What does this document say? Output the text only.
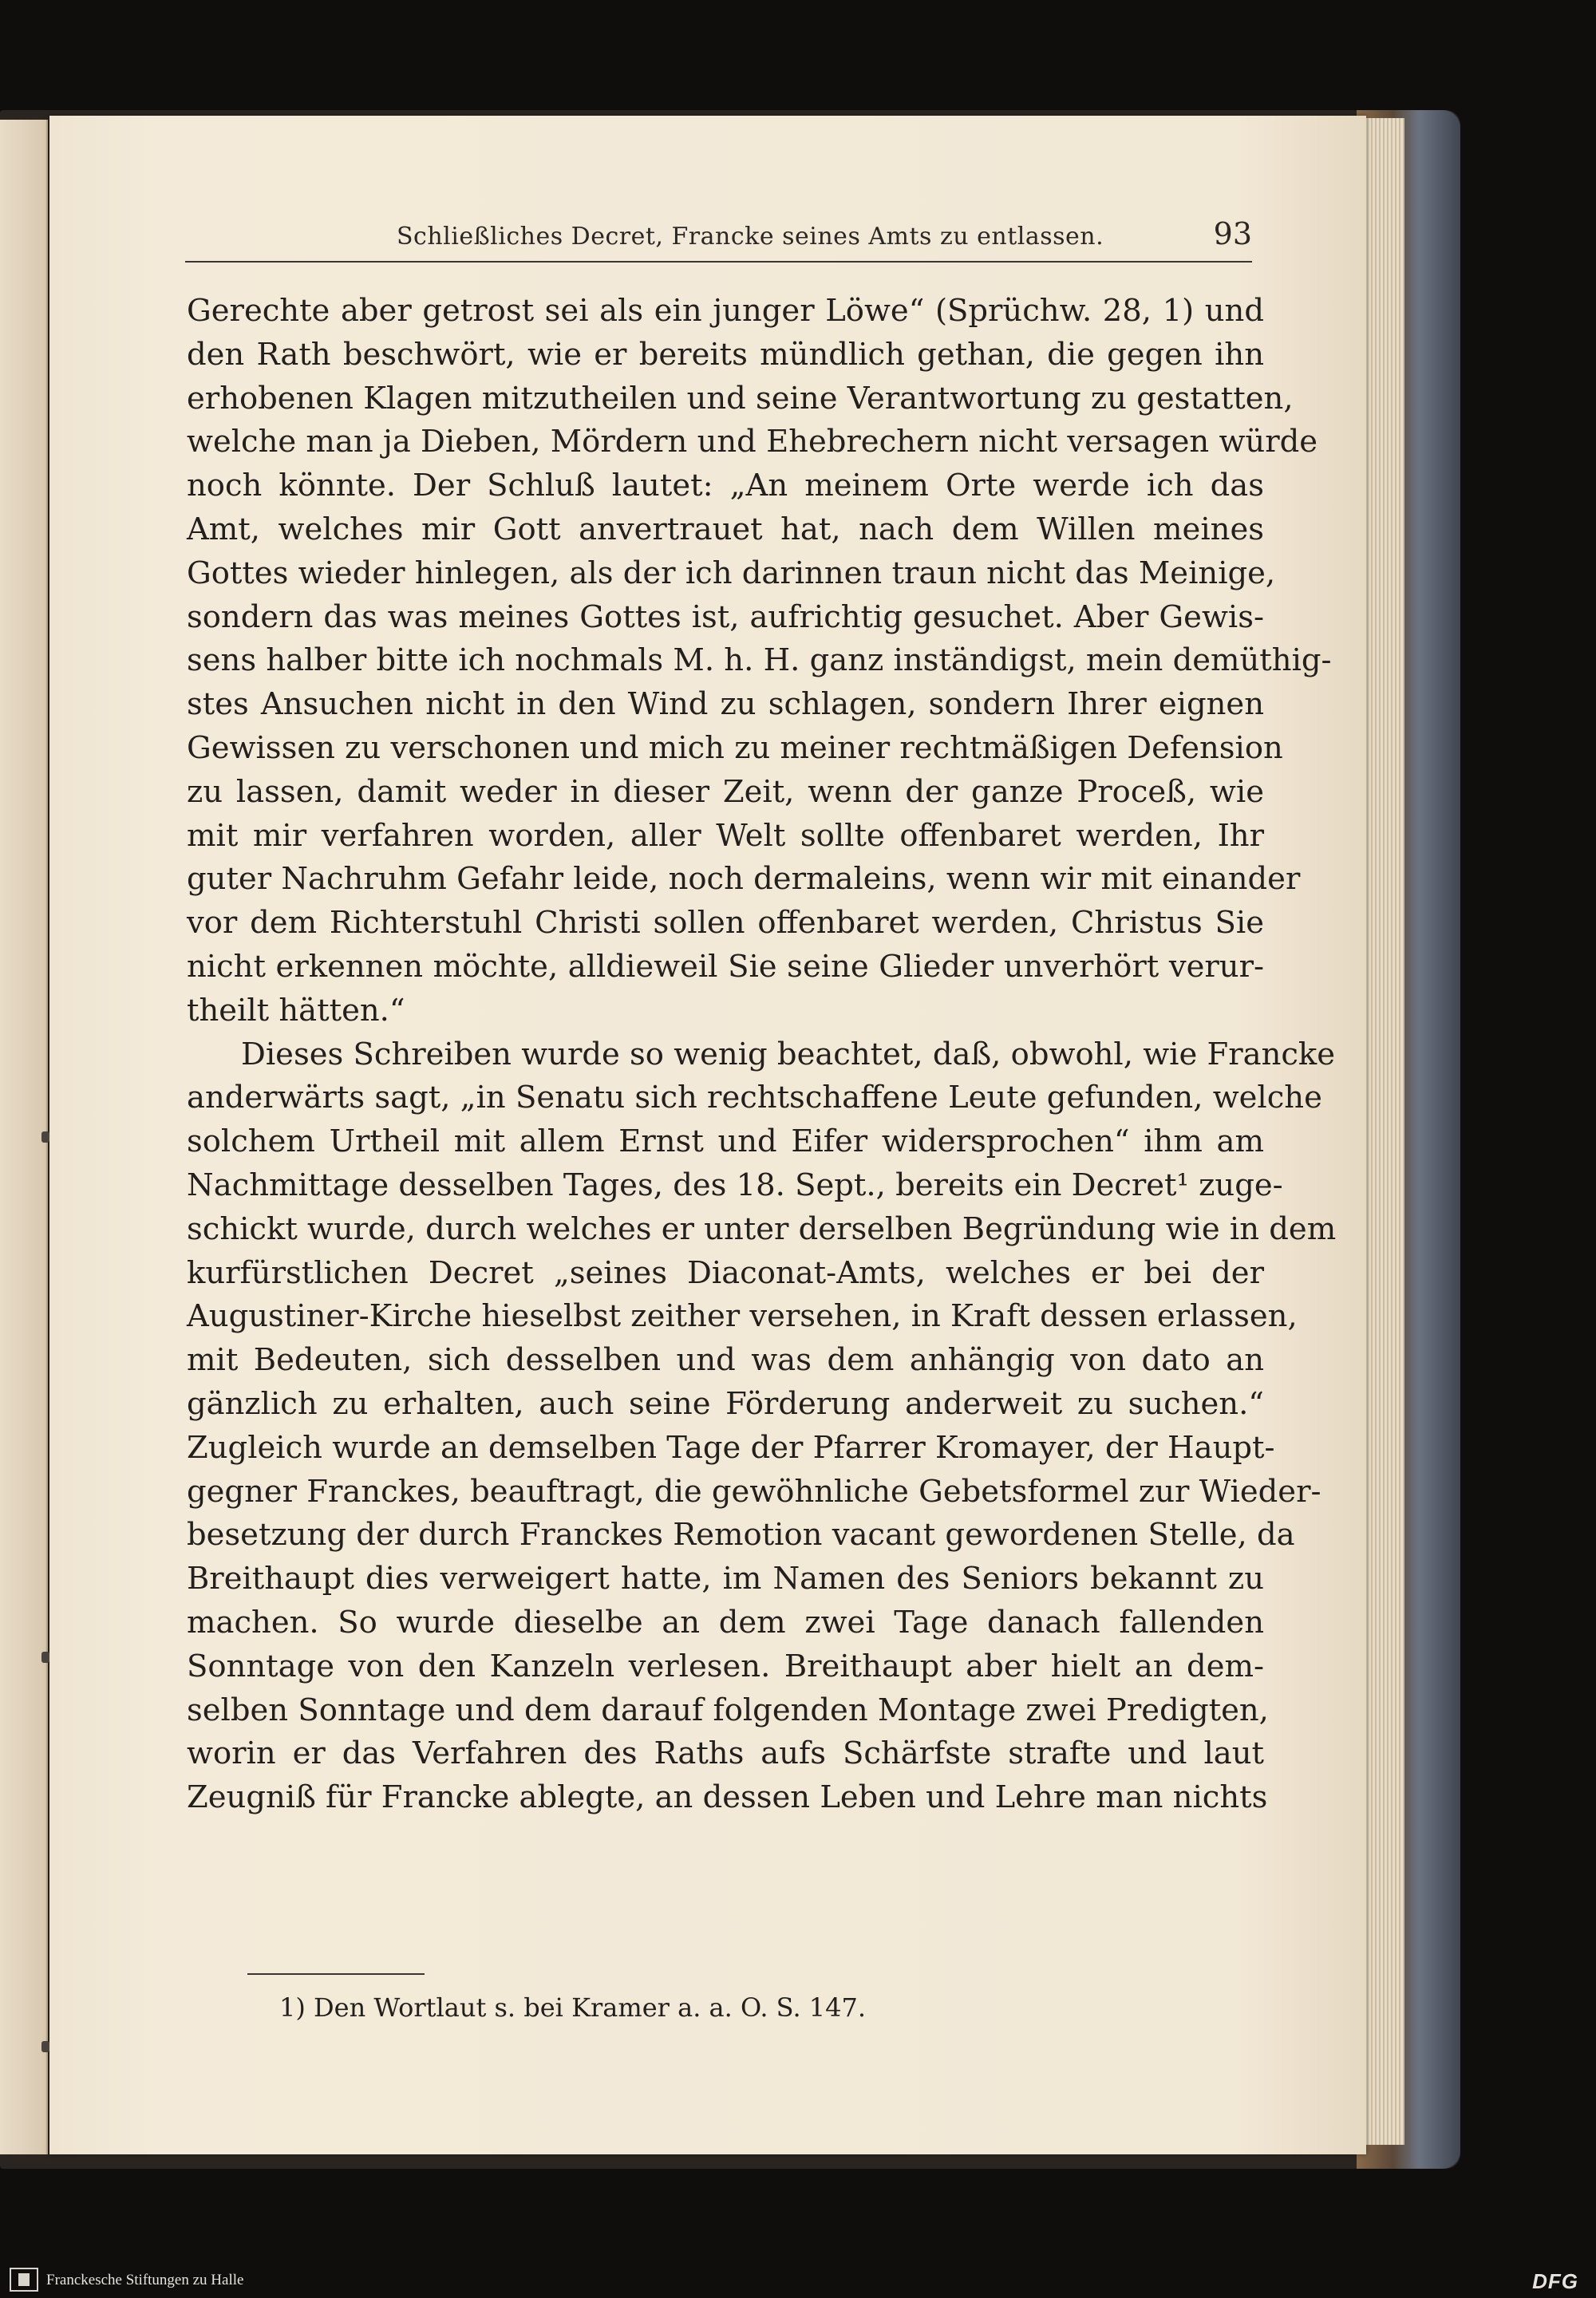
Schließliches Decret, Francke seines Amts zu entlassen.	93
Gerechte aber getrost sei als ein junger Löwe“ (Sprüchw. 28, 1) und
den Rath beschwört, wie er bereits mündlich gethan, die gegen ihn
erhobenen Klagen mitzutheilen und seine Verantwortung zu gestatten,
welche man ja Dieben, Mördern und Ehebrechern nicht versagen würde
noch könnte. Der Schluß lautet: „An meinem Orte werde ich das
Amt, welches mir Gott anvertrauet hat, nach dem Willen meines
Gottes wieder hinlegen, als der ich darinnen traun nicht das Meinige,
sondern das was meines Gottes ist, aufrichtig gesuchet. Aber Gewis-
sens halber bitte ich nochmals M. h. H. ganz inständigst, mein demüthig-
stes Ansuchen nicht in den Wind zu schlagen, sondern Ihrer eignen
Gewissen zu verschonen und mich zu meiner rechtmäßigen Defension
zu lassen, damit weder in dieser Zeit, wenn der ganze Proceß, wie
mit mir verfahren worden, aller Welt sollte offenbaret werden, Ihr
guter Nachruhm Gefahr leide, noch dermaleins, wenn wir mit einander
vor dem Richterstuhl Christi sollen offenbaret werden, Christus Sie
nicht erkennen möchte, alldieweil Sie seine Glieder unverhört verur-
theilt hätten.“
Dieses Schreiben wurde so wenig beachtet, daß, obwohl, wie Francke
anderwärts sagt, „in Senatu sich rechtschaffene Leute gefunden, welche
solchem Urtheil mit allem Ernst und Eifer widersprochen“ ihm am
Nachmittage desselben Tages, des 18. Sept., bereits ein Decret¹ zuge-
schickt wurde, durch welches er unter derselben Begründung wie in dem
kurfürstlichen Decret „seines Diaconat-Amts, welches er bei der
Augustiner-Kirche hieselbst zeither versehen, in Kraft dessen erlassen,
mit Bedeuten, sich desselben und was dem anhängig von dato an
gänzlich zu erhalten, auch seine Förderung anderweit zu suchen.“
Zugleich wurde an demselben Tage der Pfarrer Kromayer, der Haupt-
gegner Franckes, beauftragt, die gewöhnliche Gebetsformel zur Wieder-
besetzung der durch Franckes Remotion vacant gewordenen Stelle, da
Breithaupt dies verweigert hatte, im Namen des Seniors bekannt zu
machen. So wurde dieselbe an dem zwei Tage danach fallenden
Sonntage von den Kanzeln verlesen. Breithaupt aber hielt an dem-
selben Sonntage und dem darauf folgenden Montage zwei Predigten,
worin er das Verfahren des Raths aufs Schärfste strafte und laut
Zeugniß für Francke ablegte, an dessen Leben und Lehre man nichts
1) Den Wortlaut s. bei Kramer a. a. O. S. 147.
Franckesche Stiftungen zu Halle	DFG
